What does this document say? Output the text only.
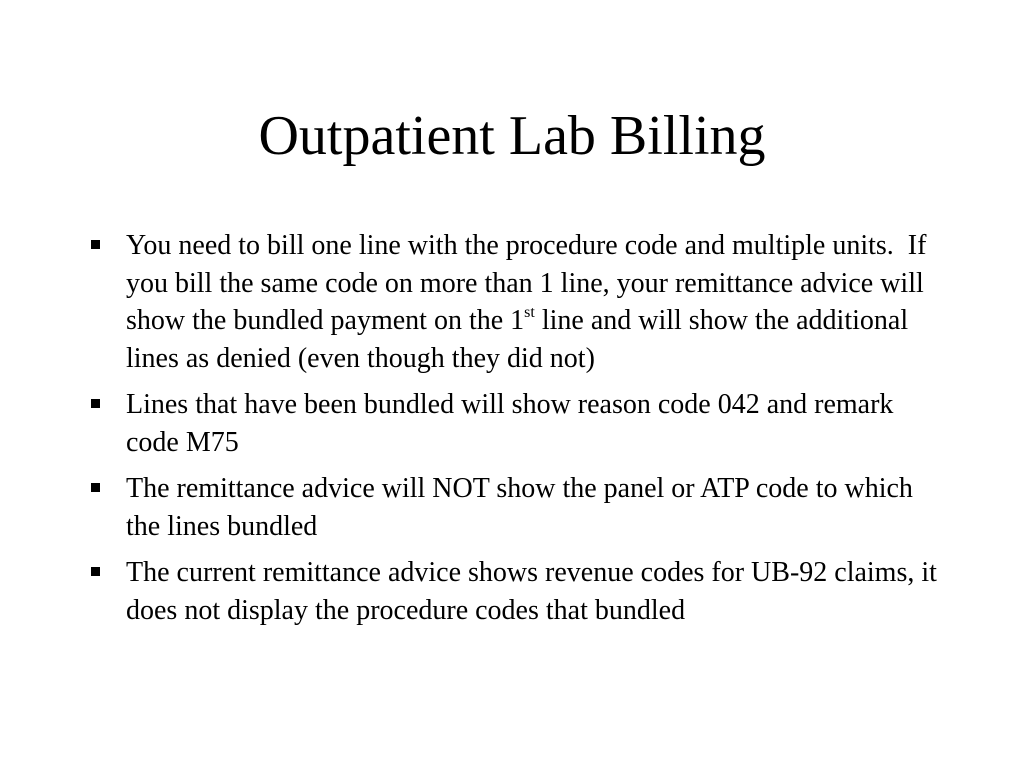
Outpatient Lab Billing
You need to bill one line with the procedure code and multiple units.  If you bill the same code on more than 1 line, your remittance advice will show the bundled payment on the 1st line and will show the additional lines as denied (even though they did not)
Lines that have been bundled will show reason code 042 and remark code M75
The remittance advice will NOT show the panel or ATP code to which the lines bundled
The current remittance advice shows revenue codes for UB-92 claims, it does not display the procedure codes that bundled
